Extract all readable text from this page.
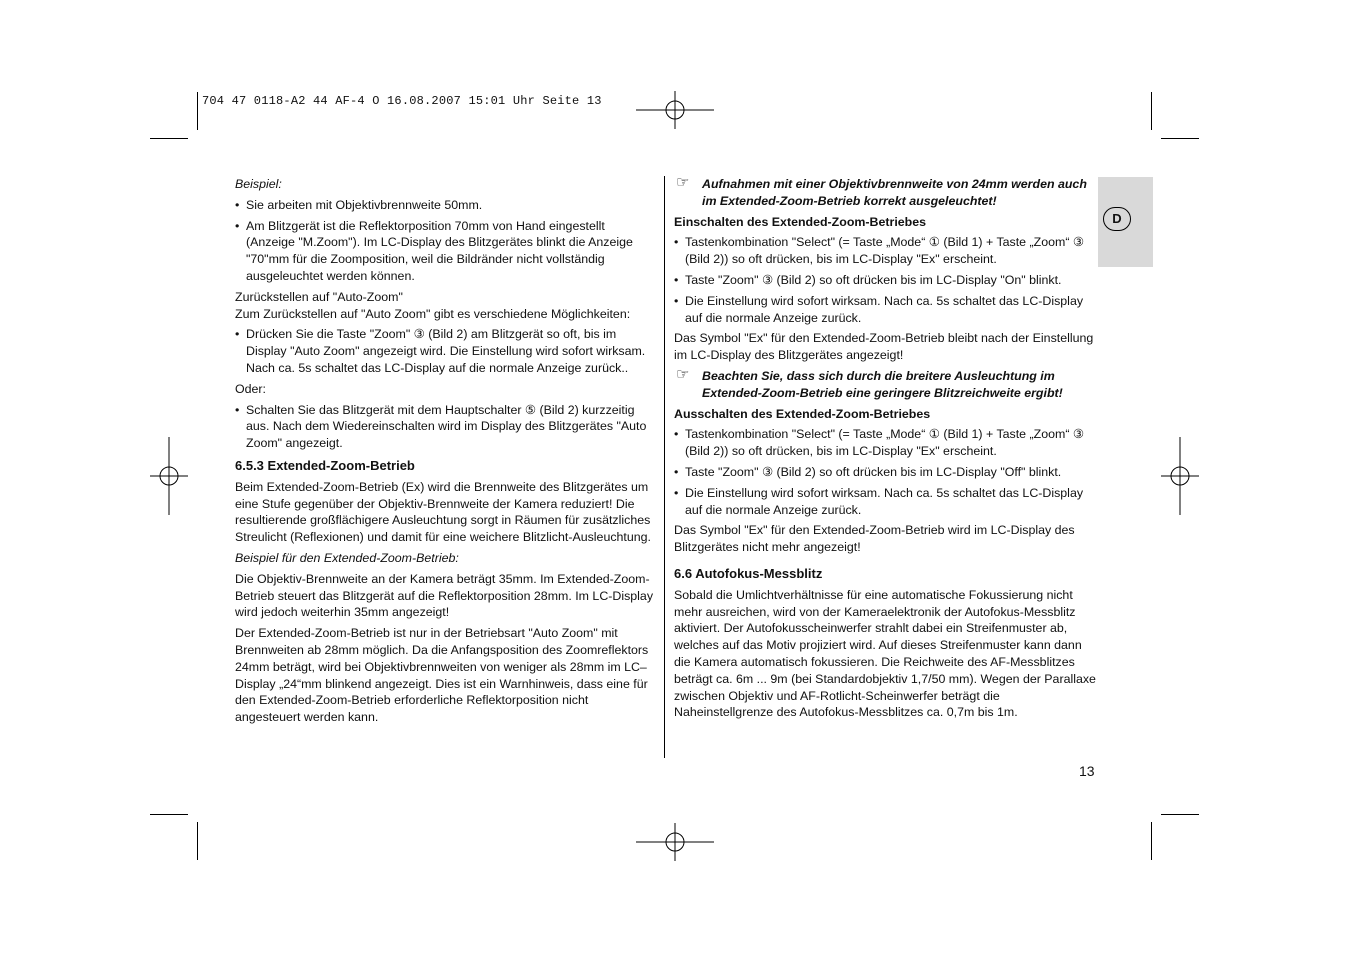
704 47 0118-A2 44 AF-4 O 16.08.2007 15:01 Uhr Seite 13
D

Beispiel:

• Sie arbeiten mit Objektivbrennweite 50mm.
• Am Blitzgerät ist die Reflektorposition 70mm von Hand eingestellt (Anzeige "M.Zoom"). Im LC-Display des Blitzgerätes blinkt die Anzeige "70"mm für die Zoomposition, weil die Bildränder nicht vollständig ausgeleuchtet werden können.

Zurückstellen auf "Auto-Zoom"

Zum Zurückstellen auf "Auto Zoom" gibt es verschiedene Möglichkeiten:

• Drücken Sie die Taste "Zoom" ③ (Bild 2) am Blitzgerät so oft, bis im Display "Auto Zoom" angezeigt wird. Die Einstellung wird sofort wirksam. Nach ca. 5s schaltet das LC-Display auf die normale Anzeige zurück..

Oder:

• Schalten Sie das Blitzgerät mit dem Hauptschalter ⑤ (Bild 2) kurzzeitig aus. Nach dem Wiedereinschalten wird im Display des Blitzgerätes "Auto Zoom" angezeigt.
6.5.3 Extended-Zoom-Betrieb

Beim Extended-Zoom-Betrieb (Ex) wird die Brennweite des Blitzgerätes um eine Stufe gegenüber der Objektiv-Brennweite der Kamera reduziert! Die resultierende großflächigere Ausleuchtung sorgt in Räumen für zusätzliches Streulicht (Reflexionen) und damit für eine weichere Blitzlicht-Ausleuchtung.

Beispiel für den Extended-Zoom-Betrieb:

Die Objektiv-Brennweite an der Kamera beträgt 35mm. Im Extended-Zoom-Betrieb steuert das Blitzgerät auf die Reflektorposition 28mm. Im LC-Display wird jedoch weiterhin 35mm angezeigt!

Der Extended-Zoom-Betrieb ist nur in der Betriebsart "Auto Zoom" mit Brennweiten ab 28mm möglich. Da die Anfangsposition des Zoomreflektors 24mm beträgt, wird bei Objektivbrennweiten von weniger als 28mm im LC–Display „24“mm blinkend angezeigt. Dies ist ein Warnhinweis, dass eine für den Extended-Zoom-Betrieb erforderliche Reflektorposition nicht angesteuert werden kann.

☞ Aufnahmen mit einer Objektivbrennweite von 24mm werden auch im Extended-Zoom-Betrieb korrekt ausgeleuchtet!
Einschalten des Extended-Zoom-Betriebes
• Tastenkombination "Select" (= Taste „Mode“ ① (Bild 1) + Taste „Zoom“ ③ (Bild 2)) so oft drücken, bis im LC-Display "Ex" erscheint.
• Taste "Zoom" ③ (Bild 2) so oft drücken bis im LC-Display "On" blinkt.
• Die Einstellung wird sofort wirksam. Nach ca. 5s schaltet das LC-Display auf die normale Anzeige zurück.

Das Symbol "Ex" für den Extended-Zoom-Betrieb bleibt nach der Einstellung im LC-Display des Blitzgerätes angezeigt!

☞ Beachten Sie, dass sich durch die breitere Ausleuchtung im Extended-Zoom-Betrieb eine geringere Blitzreichweite ergibt!
Ausschalten des Extended-Zoom-Betriebes
• Tastenkombination "Select" (= Taste „Mode“ ① (Bild 1) + Taste „Zoom“ ③ (Bild 2)) so oft drücken, bis im LC-Display "Ex" erscheint.
• Taste "Zoom" ③ (Bild 2) so oft drücken bis im LC-Display "Off" blinkt.
• Die Einstellung wird sofort wirksam. Nach ca. 5s schaltet das LC-Display auf die normale Anzeige zurück.

Das Symbol "Ex" für den Extended-Zoom-Betrieb wird im LC-Display des Blitzgerätes nicht mehr angezeigt!

6.6 Autofokus-Messblitz

Sobald die Umlichtverhältnisse für eine automatische Fokussierung nicht mehr ausreichen, wird von der Kameraelektronik der Autofokus-Messblitz aktiviert. Der Autofokusscheinwerfer strahlt dabei ein Streifenmuster ab, welches auf das Motiv projiziert wird. Auf dieses Streifenmuster kann dann die Kamera automatisch fokussieren. Die Reichweite des AF-Messblitzes beträgt ca. 6m ... 9m (bei Standardobjektiv 1,7/50 mm). Wegen der Parallaxe zwischen Objektiv und AF-Rotlicht-Scheinwerfer beträgt die Naheinstellgrenze des Autofokus-Messblitzes ca. 0,7m bis 1m.

13
